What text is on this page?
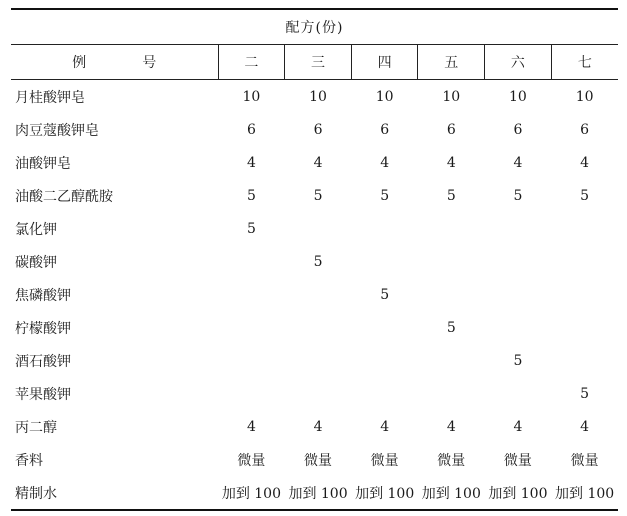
配方(份)						
例 号	二	三	四	五	六	七
月桂酸钾皂	10	10	10	10	10	10
肉豆蔻酸钾皂	6	6	6	6	6	6
油酸钾皂	4	4	4	4	4	4
油酸二乙醇酰胺	5	5	5	5	5	5
氯化钾	5					
碳酸钾		5				
焦磷酸钾			5			
柠檬酸钾				5		
酒石酸钾					5	
苹果酸钾						5
丙二醇	4	4	4	4	4	4
香料	微量	微量	微量	微量	微量	微量
精制水	加到 100	加到 100	加到 100	加到 100	加到 100	加到 100
